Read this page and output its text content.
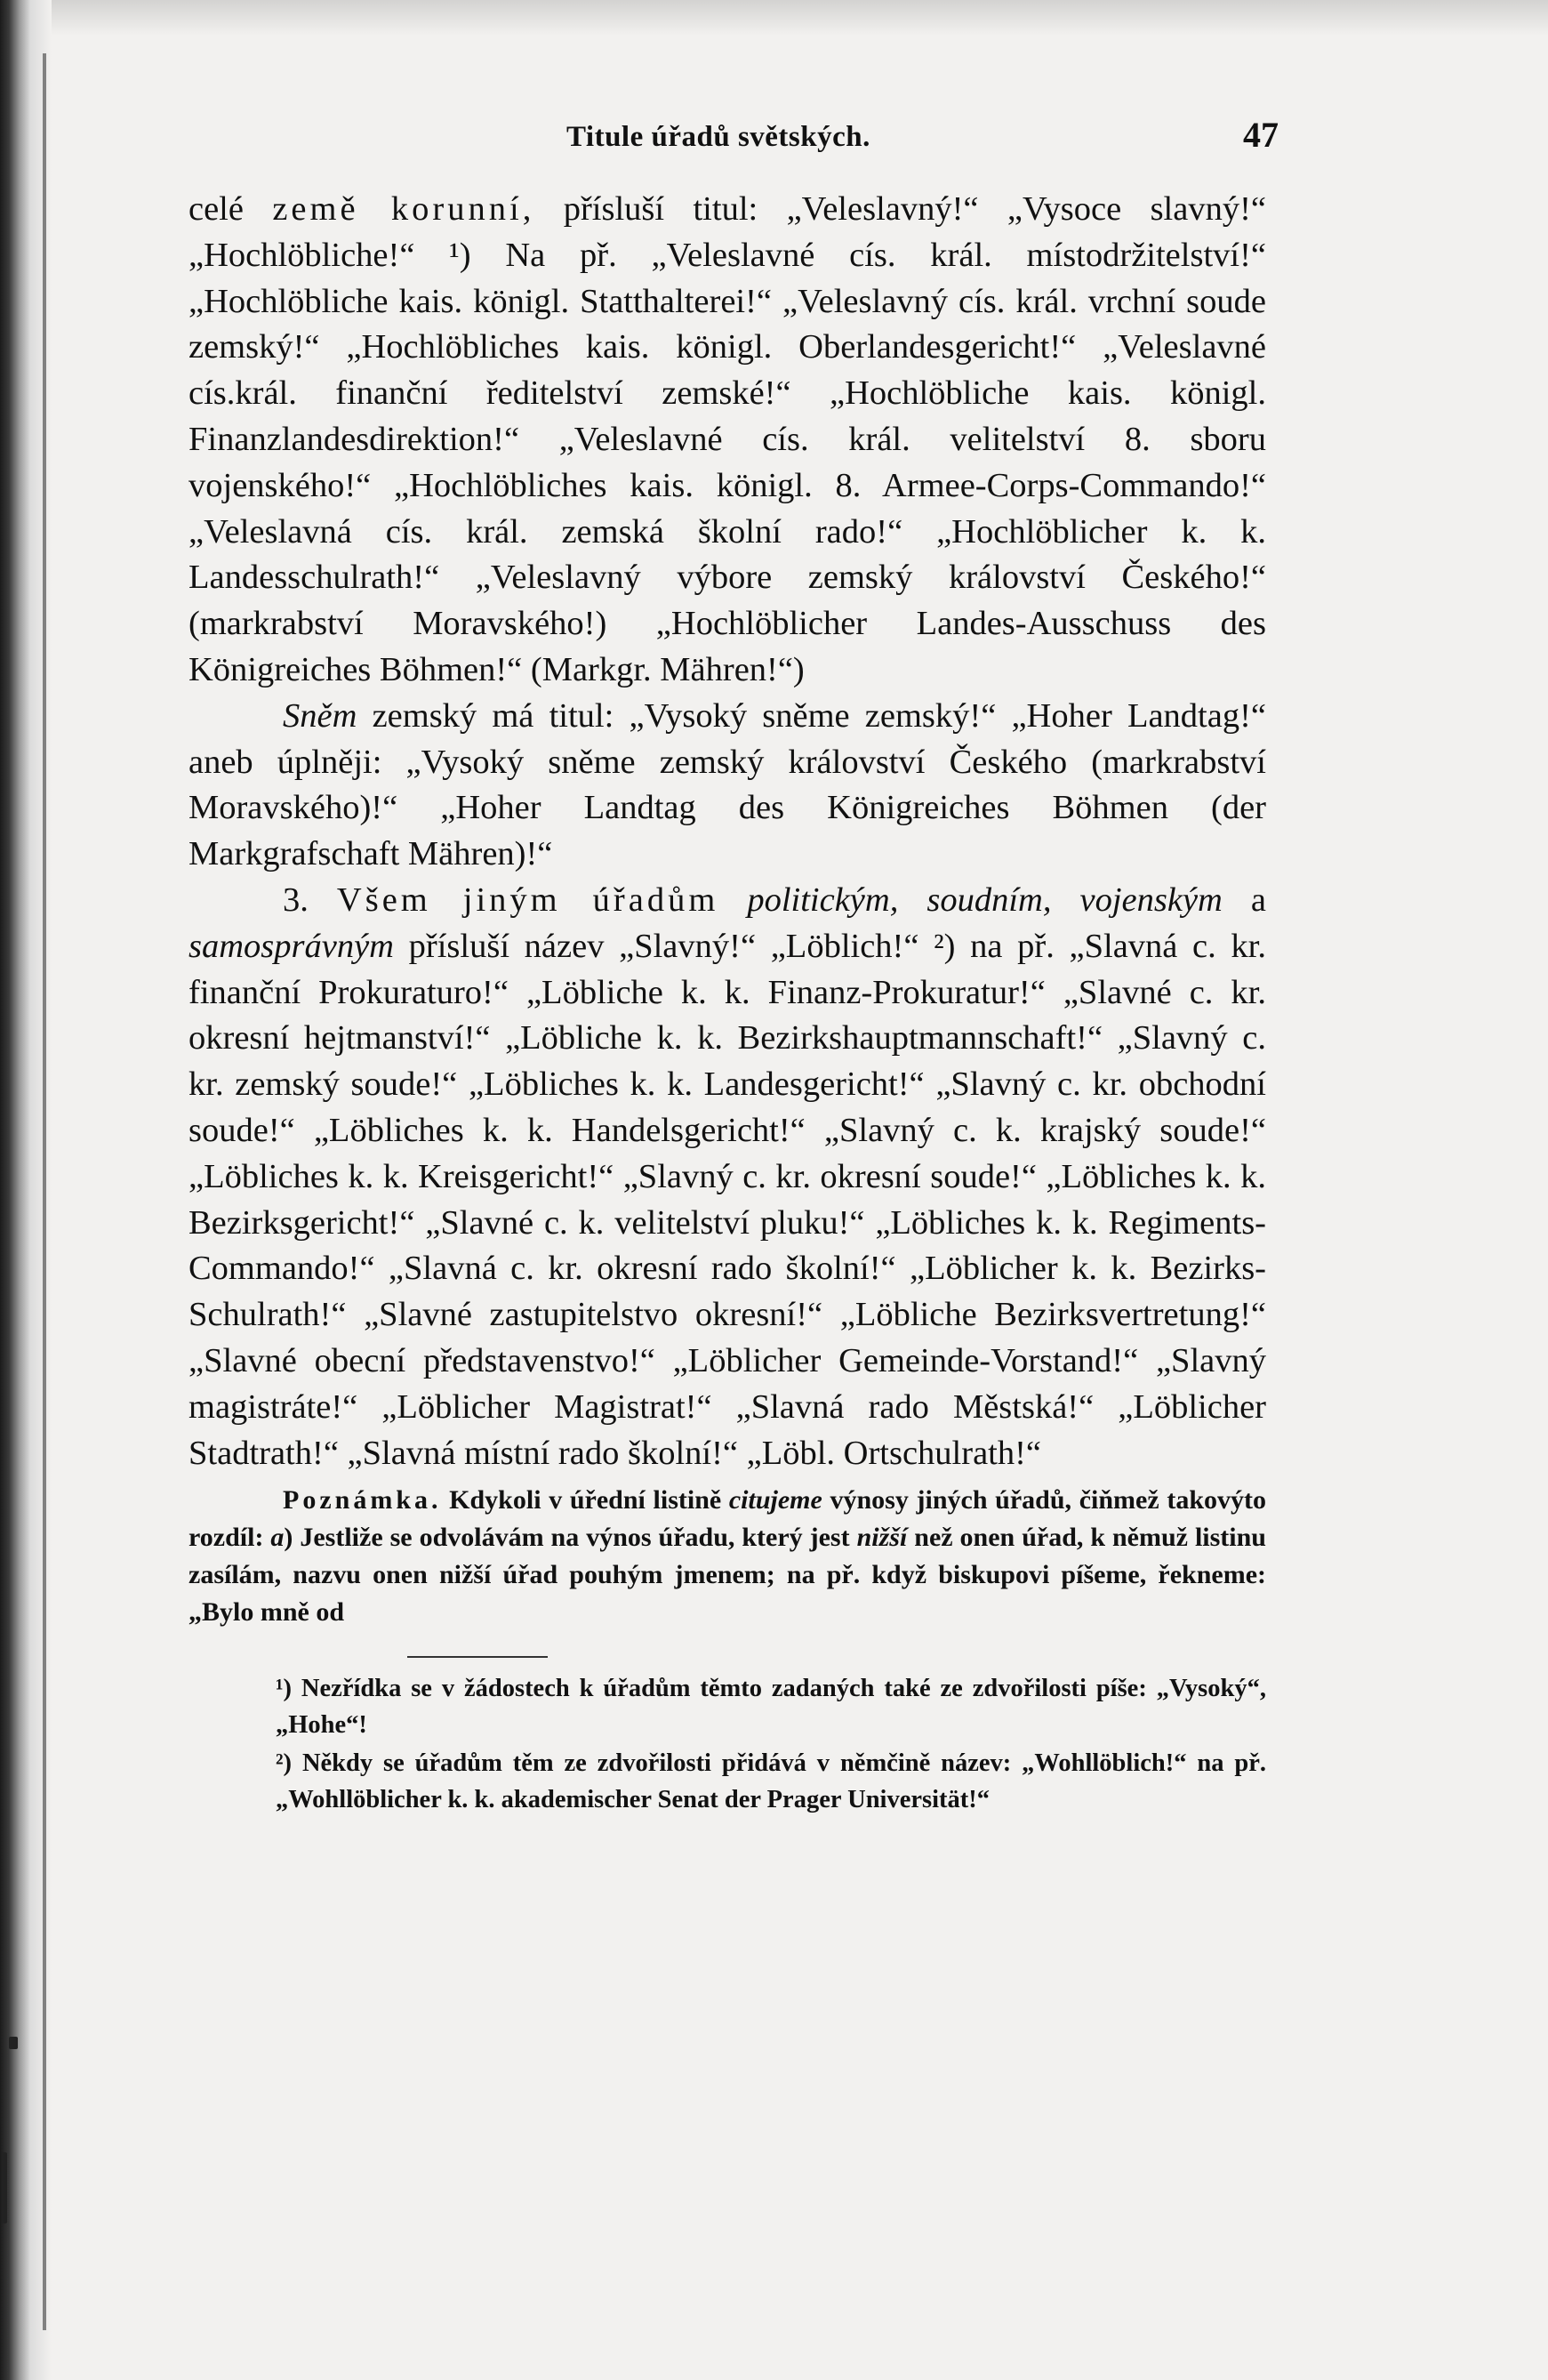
Titule úřadů světských.	47

celé země korunní, přísluší titul: „Veleslavný!“ „Vysoce slavný!“ „Hochlöbliche!“ ¹) Na př. „Veleslavné cís. král. místodržitelství!“ „Hochlöbliche kais. königl. Statthalterei!“ „Veleslavný cís. král. vrchní soude zemský!“ „Hochlöbliches kais. königl. Oberlandesgericht!“ „Veleslavné cís.král. finanční ředitelství zemské!“ „Hochlöbliche kais. königl. Finanzlandesdirektion!“ „Veleslavné cís. král. velitelství 8. sboru vojenského!“ „Hochlöbliches kais. königl. 8. Armee-Corps-Commando!“ „Veleslavná cís. král. zemská školní rado!“ „Hochlöblicher k. k. Landesschulrath!“ „Veleslavný výbore zemský království Českého!“ (markrabství Moravského!) „Hochlöblicher Landes-Ausschuss des Königreiches Böhmen!“ (Markgr. Mähren!“)

Sněm zemský má titul: „Vysoký sněme zemský!“ „Hoher Landtag!“ aneb úplněji: „Vysoký sněme zemský království Českého (markrabství Moravského)!“ „Hoher Landtag des Königreiches Böhmen (der Markgrafschaft Mähren)!“

3. Všem jiným úřadům politickým, soudním, vojenským a samosprávným přísluší název „Slavný!“ „Löblich!“ ²) na př. „Slavná c. kr. finanční Prokuraturo!“ „Löbliche k. k. Finanz-Prokuratur!“ „Slavné c. kr. okresní hejtmanství!“ „Löbliche k. k. Bezirkshauptmannschaft!“ „Slavný c. kr. zemský soude!“ „Löbliches k. k. Landesgericht!“ „Slavný c. kr. obchodní soude!“ „Löbliches k. k. Handelsgericht!“ „Slavný c. k. krajský soude!“ „Löbliches k. k. Kreisgericht!“ „Slavný c. kr. okresní soude!“ „Löbliches k. k. Bezirksgericht!“ „Slavné c. k. velitelství pluku!“ „Löbliches k. k. Regiments-Commando!“ „Slavná c. kr. okresní rado školní!“ „Löblicher k. k. Bezirks-Schulrath!“ „Slavné zastupitelstvo okresní!“ „Löbliche Bezirksvertretung!“ „Slavné obecní představenstvo!“ „Löblicher Gemeinde-Vorstand!“ „Slavný magistráte!“ „Löblicher Magistrat!“ „Slavná rado Městská!“ „Löblicher Stadtrath!“ „Slavná místní rado školní!“ „Löbl. Ortschulrath!“

Poznámka. Kdykoli v úřední listině citujeme výnosy jiných úřadů, čiňmež takovýto rozdíl: a) Jestliže se odvolávám na výnos úřadu, který jest nižší než onen úřad, k němuž listinu zasílám, nazvu onen nižší úřad pouhým jmenem; na př. když biskupovi píšeme, řekneme: „Bylo mně od
¹) Nezřídka se v žádostech k úřadům těmto zadaných také ze zdvořilosti píše: „Vysoký“, „Hohe“!
²) Někdy se úřadům těm ze zdvořilosti přidává v němčině název: „Wohllöblich!“ na př. „Wohllöblicher k. k. akademischer Senat der Prager Universität!“
